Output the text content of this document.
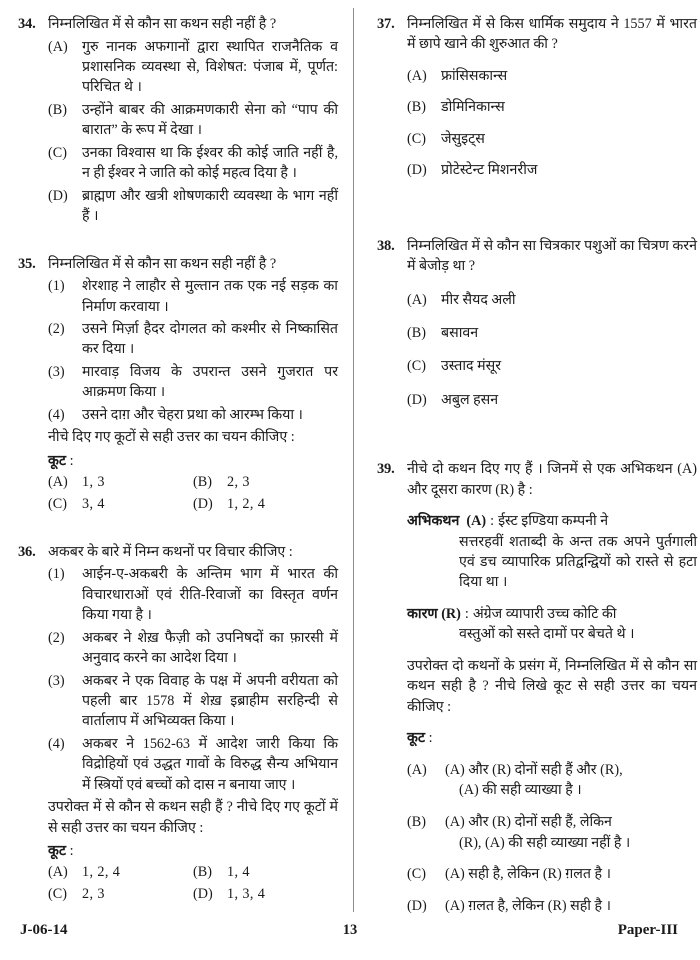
34. निम्नलिखित में से कौन सा कथन सही नहीं है ?
(A)	गुरु नानक अफगानों द्वारा स्थापित राजनैतिक व प्रशासनिक व्यवस्था से, विशेषत: पंजाब में, पूर्णत: परिचित थे ।
(B)	उन्होंने बाबर की आक्रमणकारी सेना को “पाप की बारात” के रूप में देखा ।
(C)	उनका विश्वास था कि ईश्वर की कोई जाति नहीं है, न ही ईश्वर ने जाति को कोई महत्व दिया है ।
(D)	ब्राह्मण और खत्री शोषणकारी व्यवस्था के भाग नहीं हैं ।
35. निम्नलिखित में से कौन सा कथन सही नहीं है ?
(1)	शेरशाह ने लाहौर से मुल्तान तक एक नई सड़क का निर्माण करवाया ।
(2)	उसने मिर्ज़ा हैदर दोगलत को कश्मीर से निष्कासित कर दिया ।
(3)	मारवाड़ विजय के उपरान्त उसने गुजरात पर आक्रमण किया ।
(4)	उसने दाग़ और चेहरा प्रथा को आरम्भ किया ।
नीचे दिए गए कूटों से सही उत्तर का चयन कीजिए :
कूट :
(A)	1, 3	(B)	2, 3
(C)	3, 4	(D)	1, 2, 4
36. अकबर के बारे में निम्न कथनों पर विचार कीजिए :
(1)	आईन-ए-अकबरी के अन्तिम भाग में भारत की विचारधाराओं एवं रीति-रिवाजों का विस्तृत वर्णन किया गया है ।
(2)	अकबर ने शेख़ फैज़ी को उपनिषदों का फ़ारसी में अनुवाद करने का आदेश दिया ।
(3)	अकबर ने एक विवाह के पक्ष में अपनी वरीयता को पहली बार 1578 में शेख़ इब्राहीम सरहिन्दी से वार्तालाप में अभिव्यक्त किया ।
(4)	अकबर ने 1562-63 में आदेश जारी किया कि विद्रोहियों एवं उद्धत गावों के विरुद्ध सैन्य अभियान में स्त्रियों एवं बच्चों को दास न बनाया जाए ।
उपरोक्त में से कौन से कथन सही हैं ? नीचे दिए गए कूटों में से सही उत्तर का चयन कीजिए :
कूट :
(A)	1, 2, 4	(B)	1, 4
(C)	2, 3	(D)	1, 3, 4
37. निम्नलिखित में से किस धार्मिक समुदाय ने 1557 में भारत में छापे खाने की शुरुआत की ?
(A)	फ्रांसिसकान्स
(B)	डोमिनिकान्स
(C)	जेसुइट्स
(D)	प्रोटेस्टेन्ट मिशनरीज
38. निम्नलिखित में से कौन सा चित्रकार पशुओं का चित्रण करने में बेजोड़ था ?
(A)	मीर सैयद अली
(B)	बसावन
(C)	उस्ताद मंसूर
(D)	अबुल हसन
39. नीचे दो कथन दिए गए हैं । जिनमें से एक अभिकथन (A) और दूसरा कारण (R) है :
अभिकथन (A) : ईस्ट इण्डिया कम्पनी ने
सत्तरहवीं शताब्दी के अन्त तक अपने पुर्तगाली एवं डच व्यापारिक प्रतिद्वन्द्वियों को रास्ते से हटा दिया था ।
कारण (R) : अंग्रेज व्यापारी उच्च कोटि की
वस्तुओं को सस्ते दामों पर बेचते थे ।
उपरोक्त दो कथनों के प्रसंग में, निम्नलिखित में से कौन सा कथन सही है ? नीचे लिखे कूट से सही उत्तर का चयन कीजिए :
कूट :
(A)	(A) और (R) दोनों सही हैं और (R),
(A) की सही व्याख्या है ।
(B)	(A) और (R) दोनों सही हैं, लेकिन
(R), (A) की सही व्याख्या नहीं है ।
(C)	(A) सही है, लेकिन (R) ग़लत है ।
(D)	(A) ग़लत है, लेकिन (R) सही है ।
J-06-14	13	Paper-III
